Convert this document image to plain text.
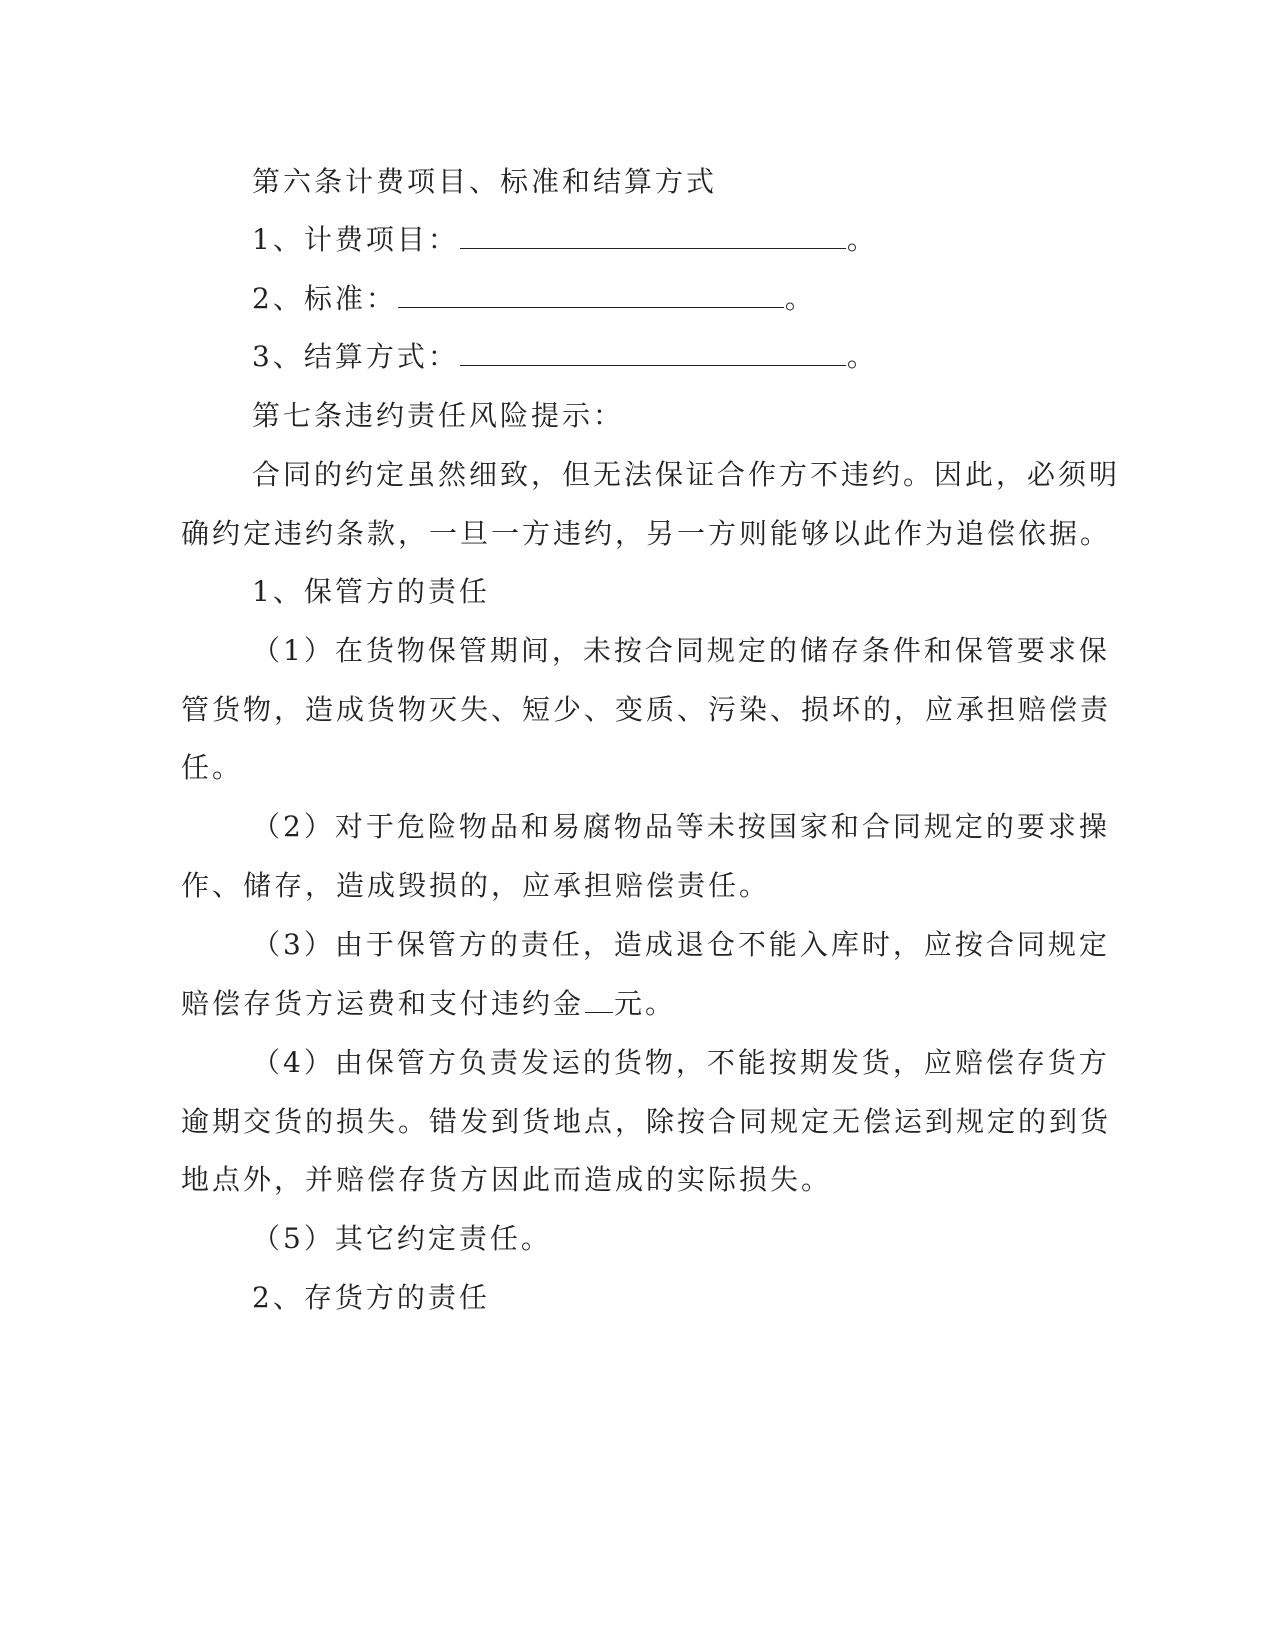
第六条计费项目、标准和结算方式
1、计费项目：	。
2、标准：	。
3、结算方式：	。
第七条违约责任风险提示：
合同的约定虽然细致，但无法保证合作方不违约。因此，必须明
确约定违约条款，一旦一方违约，另一方则能够以此作为追偿依据。
1、保管方的责任
（1）在货物保管期间，未按合同规定的储存条件和保管要求保
管货物，造成货物灭失、短少、变质、污染、损坏的，应承担赔偿责
任。
（2）对于危险物品和易腐物品等未按国家和合同规定的要求操
作、储存，造成毁损的，应承担赔偿责任。
（3）由于保管方的责任，造成退仓不能入库时，应按合同规定
赔偿存货方运费和支付违约金 元。
（4）由保管方负责发运的货物，不能按期发货，应赔偿存货方
逾期交货的损失。错发到货地点，除按合同规定无偿运到规定的到货
地点外，并赔偿存货方因此而造成的实际损失。
（5）其它约定责任。
2、存货方的责任
